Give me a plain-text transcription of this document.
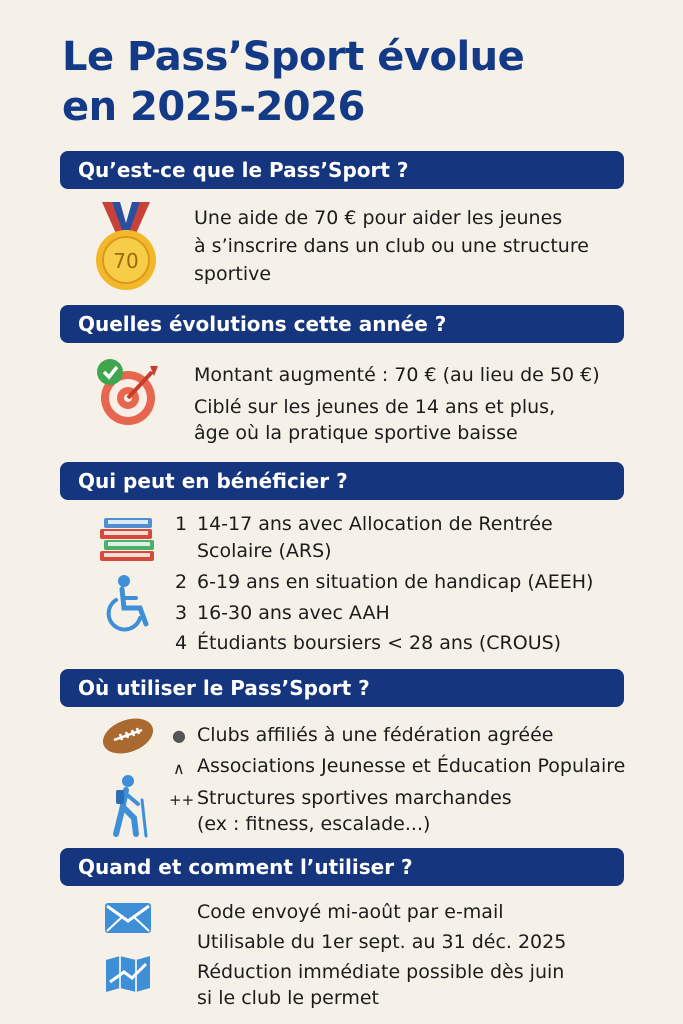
Le Pass’Sport évolue
en 2025-2026
Qu’est-ce que le Pass’Sport ?
70
Une aide de 70 € pour aider les jeunes
à s’inscrire dans un club ou une structure
sportive
Quelles évolutions cette année ?
Montant augmenté : 70 € (au lieu de 50 €)
Ciblé sur les jeunes de 14 ans et plus,
âge où la pratique sportive baisse
Qui peut en bénéficier ?
1 14-17 ans avec Allocation de Rentrée
Scolaire (ARS)
2 6-19 ans en situation de handicap (AEEH)
3 16-30 ans avec AAH
4 Étudiants boursiers < 28 ans (CROUS)
Où utiliser le Pass’Sport ?
● Clubs affiliés à une fédération agréée
∧ Associations Jeunesse et Éducation Populaire
++ Structures sportives marchandes
(ex : fitness, escalade...)
Quand et comment l’utiliser ?
Code envoyé mi-août par e-mail
Utilisable du 1er sept. au 31 déc. 2025
Réduction immédiate possible dès juin
si le club le permet
